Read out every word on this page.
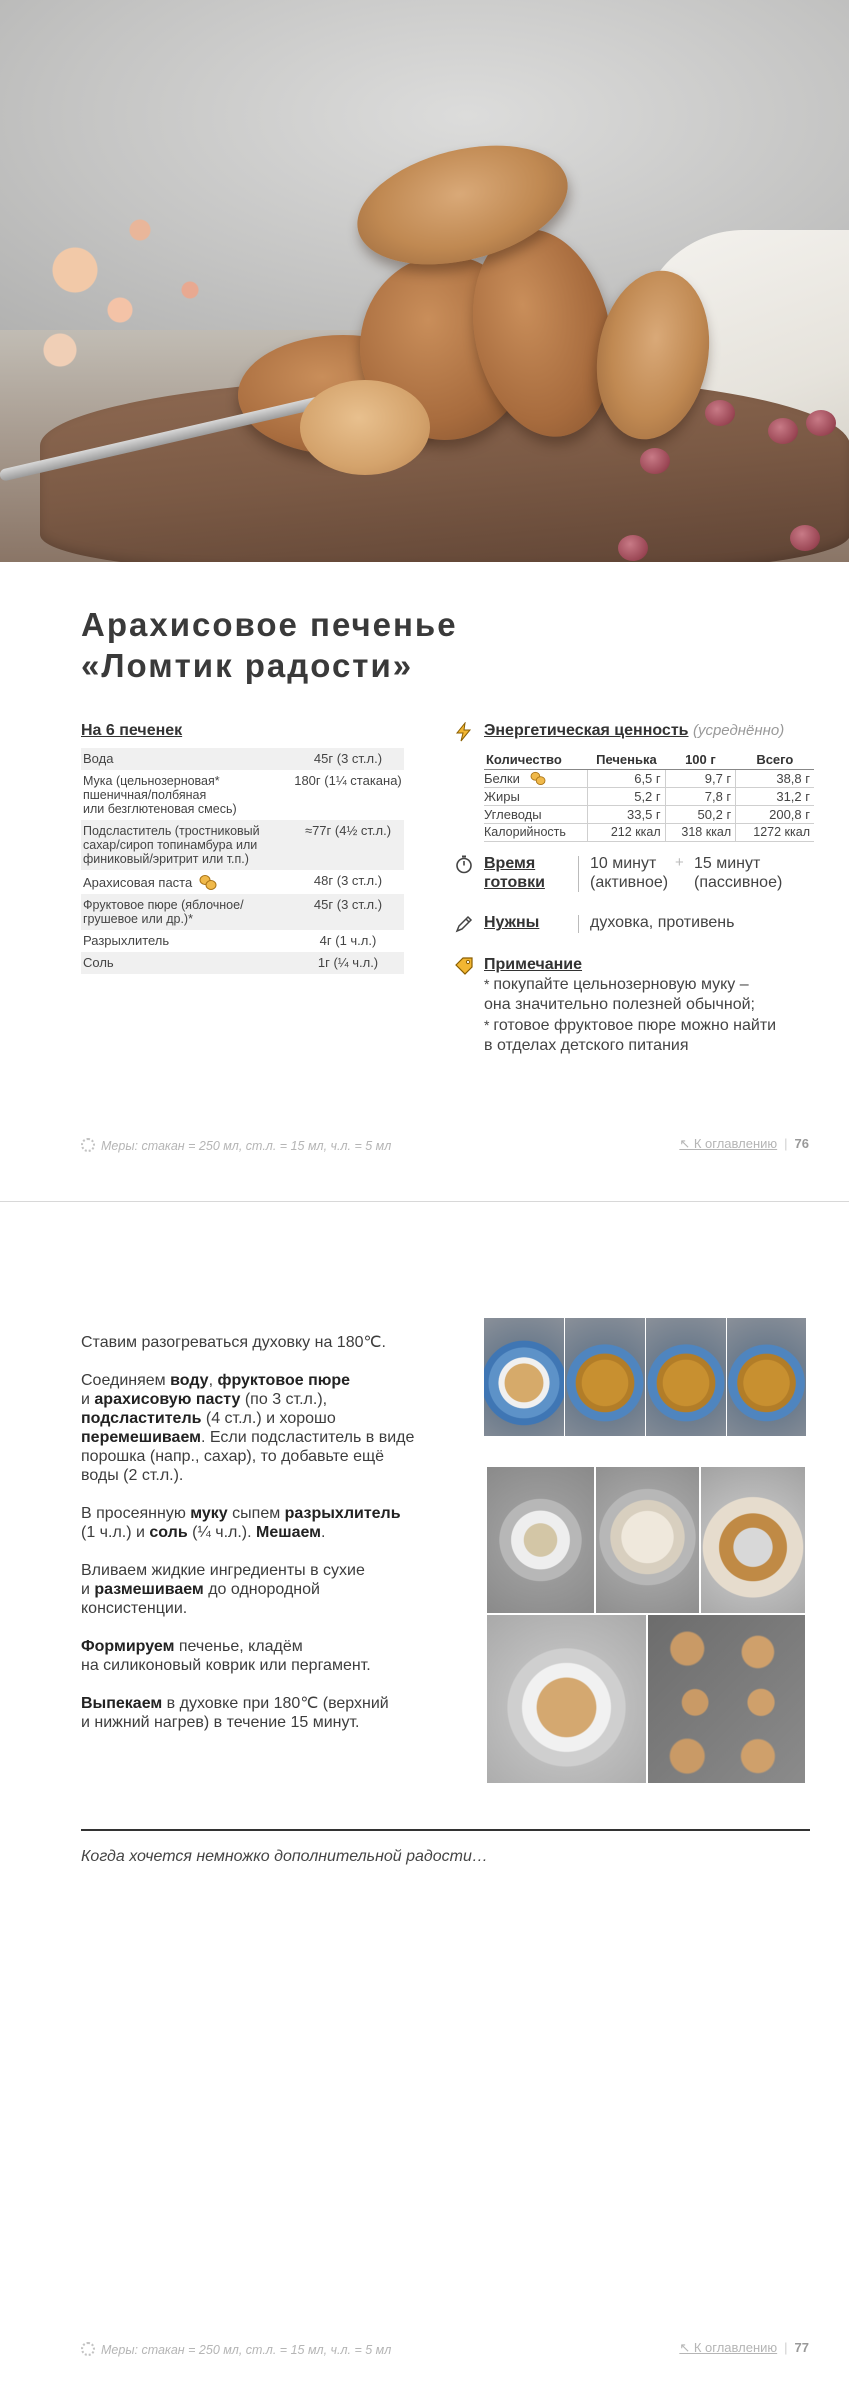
Арахисовое печенье
«Ломтик радости»
На 6 печенек
Вода	45г (3 ст.л.)
Мука (цельнозерновая*
пшеничная/полбяная
или безглютеновая смесь)	180г (1¼ стакана)
Подсластитель (тростниковый
сахар/сироп топинамбура или
финиковый/эритрит или т.п.)	≈77г (4½ ст.л.)
Арахисовая паста	48г (3 ст.л.)
Фруктовое пюре (яблочное/
грушевое или др.)*	45г (3 ст.л.)
Разрыхлитель	4г (1 ч.л.)
Соль	1г (¼ ч.л.)
Энергетическая ценность (усреднённо)
Количество	Печенька	100 г	Всего
Белки	6,5 г	9,7 г	38,8 г
Жиры	5,2 г	7,8 г	31,2 г
Углеводы	33,5 г	50,2 г	200,8 г
Калорийность	212 ккал	318 ккал	1272 ккал
Время
готовки
10 минут
(активное)
+ 15 минут
(пассивное)
Нужны	духовка, противень
Примечание

* покупайте цельнозерновую муку –
она значительно полезней обычной;

* готовое фруктовое пюре можно найти
в отделах детского питания

Меры: стакан = 250 мл, ст.л. = 15 мл, ч.л. = 5 мл	↖ К оглавлению | 76

Ставим разогреваться духовку на 180℃.

Соединяем воду, фруктовое пюре
и арахисовую пасту (по 3 ст.л.),
подсластитель (4 ст.л.) и хорошо
перемешиваем. Если подсластитель в виде
порошка (напр., сахар), то добавьте ещё
воды (2 ст.л.).

В просеянную муку сыпем разрыхлитель
(1 ч.л.) и соль (¼ ч.л.). Мешаем.

Вливаем жидкие ингредиенты в сухие
и размешиваем до однородной
консистенции.

Формируем печенье, кладём
на силиконовый коврик или пергамент.

Выпекаем в духовке при 180℃ (верхний
и нижний нагрев) в течение 15 минут.

Когда хочется немножко дополнительной радости…
Меры: стакан = 250 мл, ст.л. = 15 мл, ч.л. = 5 мл	↖ К оглавлению | 77
